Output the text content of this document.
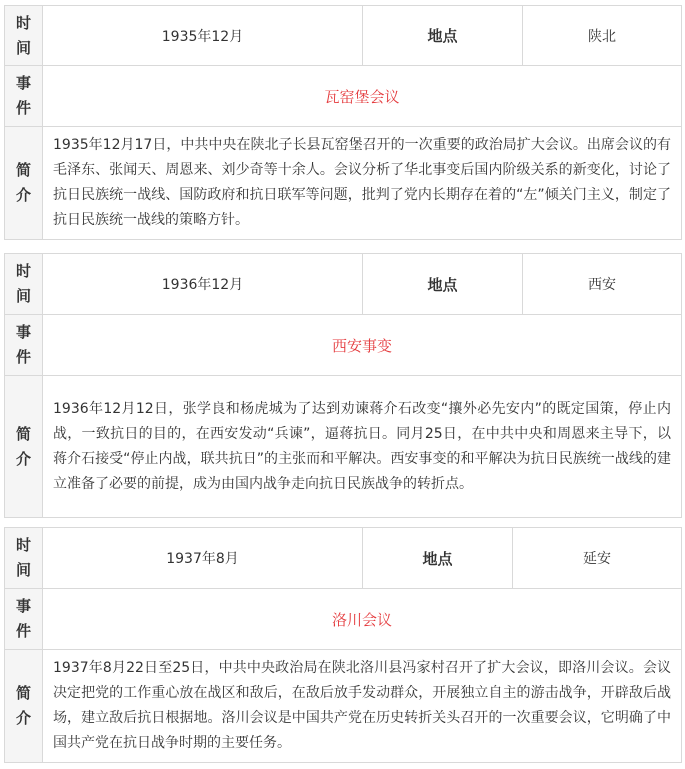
时
间	1935年12月	地点	陕北

事
件	瓦窑堡会议		

简
介	1935年12月17日，中共中央在陕北子长县瓦窑堡召开的一次重要的政治局扩大会议。出席会议的有毛泽东、张闻天、周恩来、刘少奇等十余人。会议分析了华北事变后国内阶级关系的新变化，讨论了抗日民族统一战线、国防政府和抗日联军等问题，批判了党内长期存在着的“左”倾关门主义，制定了抗日民族统一战线的策略方针。		
时
间	1936年12月	地点	西安

事
件	西安事变		

简
介	1936年12月12日，张学良和杨虎城为了达到劝谏蒋介石改变“攘外必先安内”的既定国策，停止内战，一致抗日的目的，在西安发动“兵谏”，逼蒋抗日。同月25日，在中共中央和周恩来主导下，以蒋介石接受“停止内战，联共抗日”的主张而和平解决。西安事变的和平解决为抗日民族统一战线的建立准备了必要的前提，成为由国内战争走向抗日民族战争的转折点。		
时
间	1937年8月	地点	延安

事
件	洛川会议		

简
介	1937年8月22日至25日，中共中央政治局在陕北洛川县冯家村召开了扩大会议，即洛川会议。会议决定把党的工作重心放在战区和敌后，在敌后放手发动群众，开展独立自主的游击战争，开辟敌后战场，建立敌后抗日根据地。洛川会议是中国共产党在历史转折关头召开的一次重要会议，它明确了中国共产党在抗日战争时期的主要任务。		
